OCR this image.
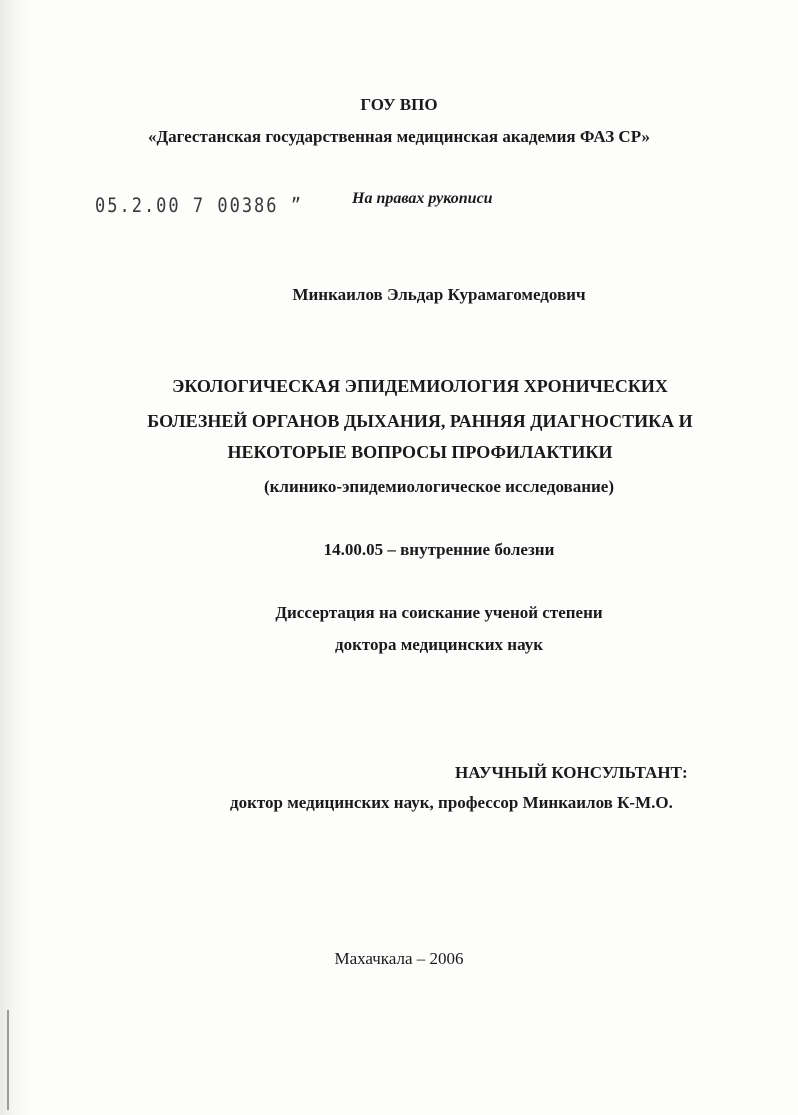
ГОУ ВПО
«Дагестанская государственная медицинская академия ФАЗ СР»
05.2.00 7 00386 ˮ	На правах рукописи
Минкаилов Эльдар Курамагомедович
ЭКОЛОГИЧЕСКАЯ ЭПИДЕМИОЛОГИЯ ХРОНИЧЕСКИХ
БОЛЕЗНЕЙ ОРГАНОВ ДЫХАНИЯ, РАННЯЯ ДИАГНОСТИКА И
НЕКОТОРЫЕ ВОПРОСЫ ПРОФИЛАКТИКИ
(клинико-эпидемиологическое исследование)
14.00.05 – внутренние болезни
Диссертация на соискание ученой степени
доктора медицинских наук
НАУЧНЫЙ КОНСУЛЬТАНТ:
доктор медицинских наук, профессор Минкаилов К-М.О.
Махачкала – 2006
